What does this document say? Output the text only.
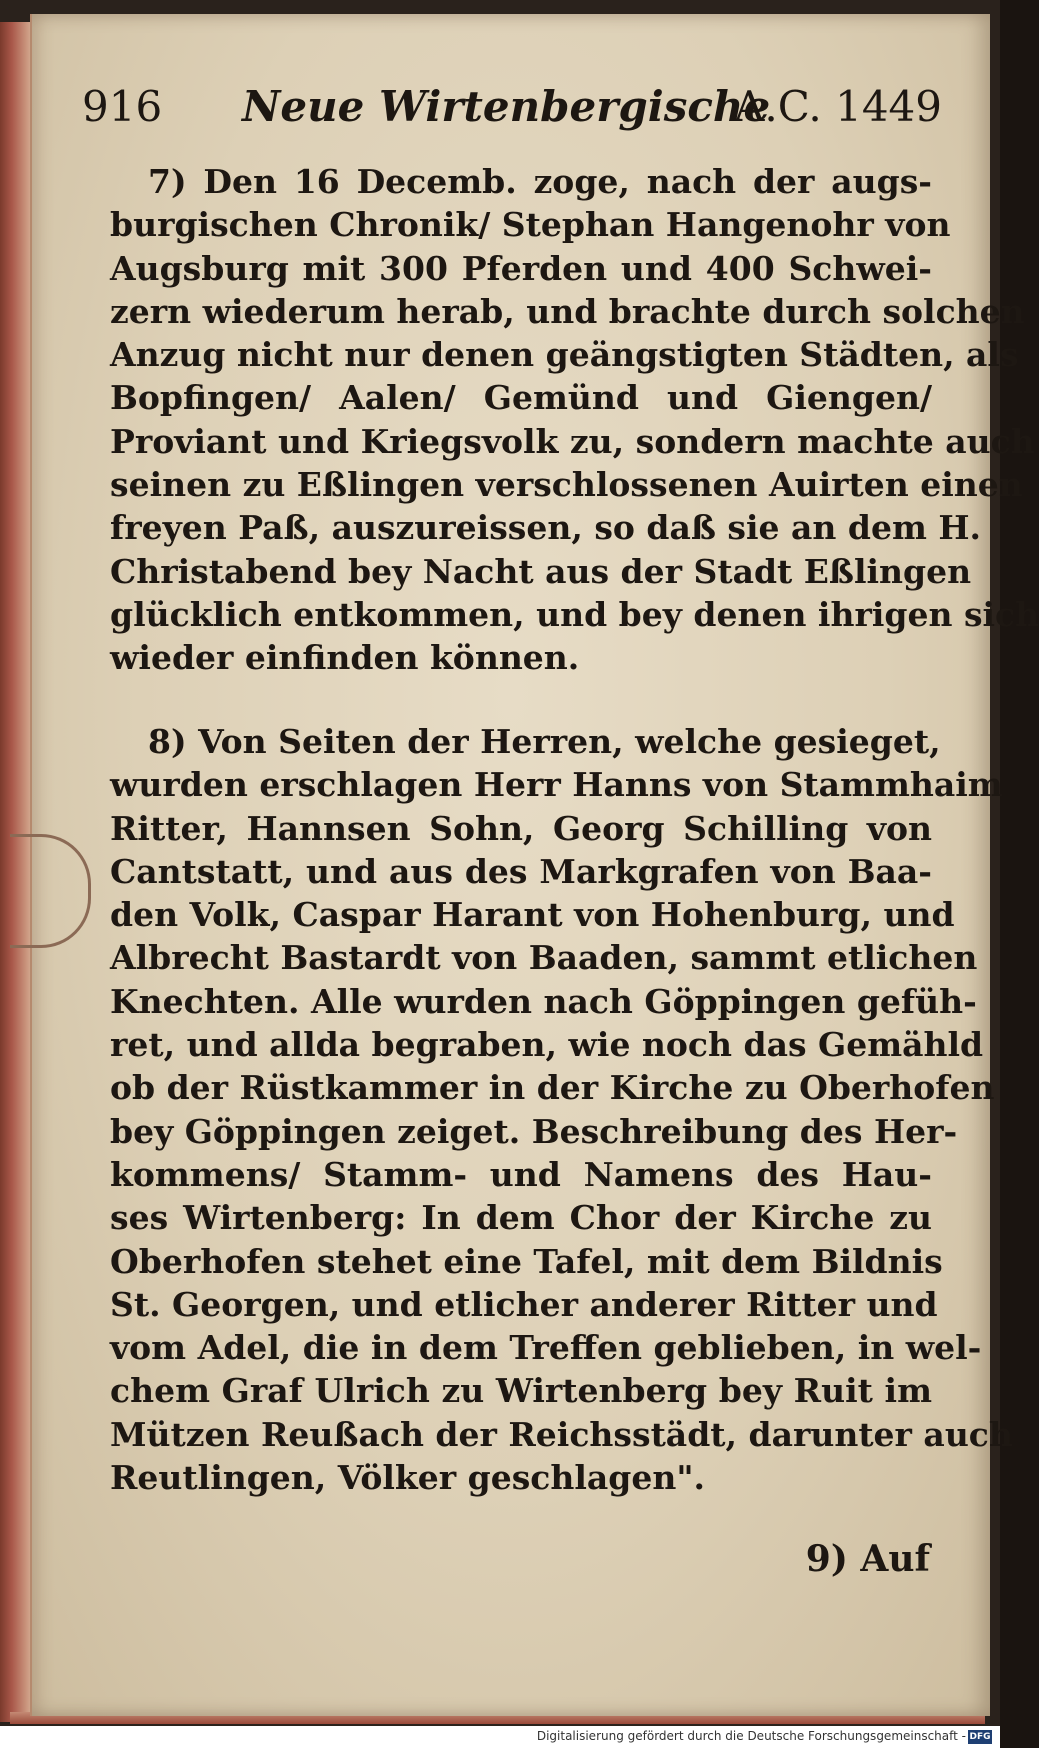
916 Neue Wirtenbergische
A.C. 1449
7) Den 16 Decemb. zoge, nach der augs-
burgischen Chronik/ Stephan Hangenohr von
Augsburg mit 300 Pferden und 400 Schwei-
zern wiederum herab, und brachte durch solchen
Anzug nicht nur denen geängstigten Städten, als
Bopfingen/ Aalen/ Gemünd und Giengen/
Proviant und Kriegsvolk zu, sondern machte auch
seinen zu Eßlingen verschlossenen Auirten einen
freyen Paß, auszureissen, so daß sie an dem H.
Christabend bey Nacht aus der Stadt Eßlingen
glücklich entkommen, und bey denen ihrigen sich
wieder einfinden können.
8) Von Seiten der Herren, welche gesieget,
wurden erschlagen Herr Hanns von Stammhaim
Ritter, Hannsen Sohn, Georg Schilling von
Cantstatt, und aus des Markgrafen von Baa-
den Volk, Caspar Harant von Hohenburg, und
Albrecht Bastardt von Baaden, sammt etlichen
Knechten. Alle wurden nach Göppingen gefüh-
ret, und allda begraben, wie noch das Gemähld
ob der Rüstkammer in der Kirche zu Oberhofen
bey Göppingen zeiget. Beschreibung des Her-
kommens/ Stamm- und Namens des Hau-
ses Wirtenberg: In dem Chor der Kirche zu
Oberhofen stehet eine Tafel, mit dem Bildnis
St. Georgen, und etlicher anderer Ritter und
vom Adel, die in dem Treffen geblieben, in wel-
chem Graf Ulrich zu Wirtenberg bey Ruit im
Mützen Reußach der Reichsstädt, darunter auch
Reutlingen, Völker geschlagen".
9) Auf
Digitalisierung gefördert durch die Deutsche Forschungsgemeinschaft - DFG
